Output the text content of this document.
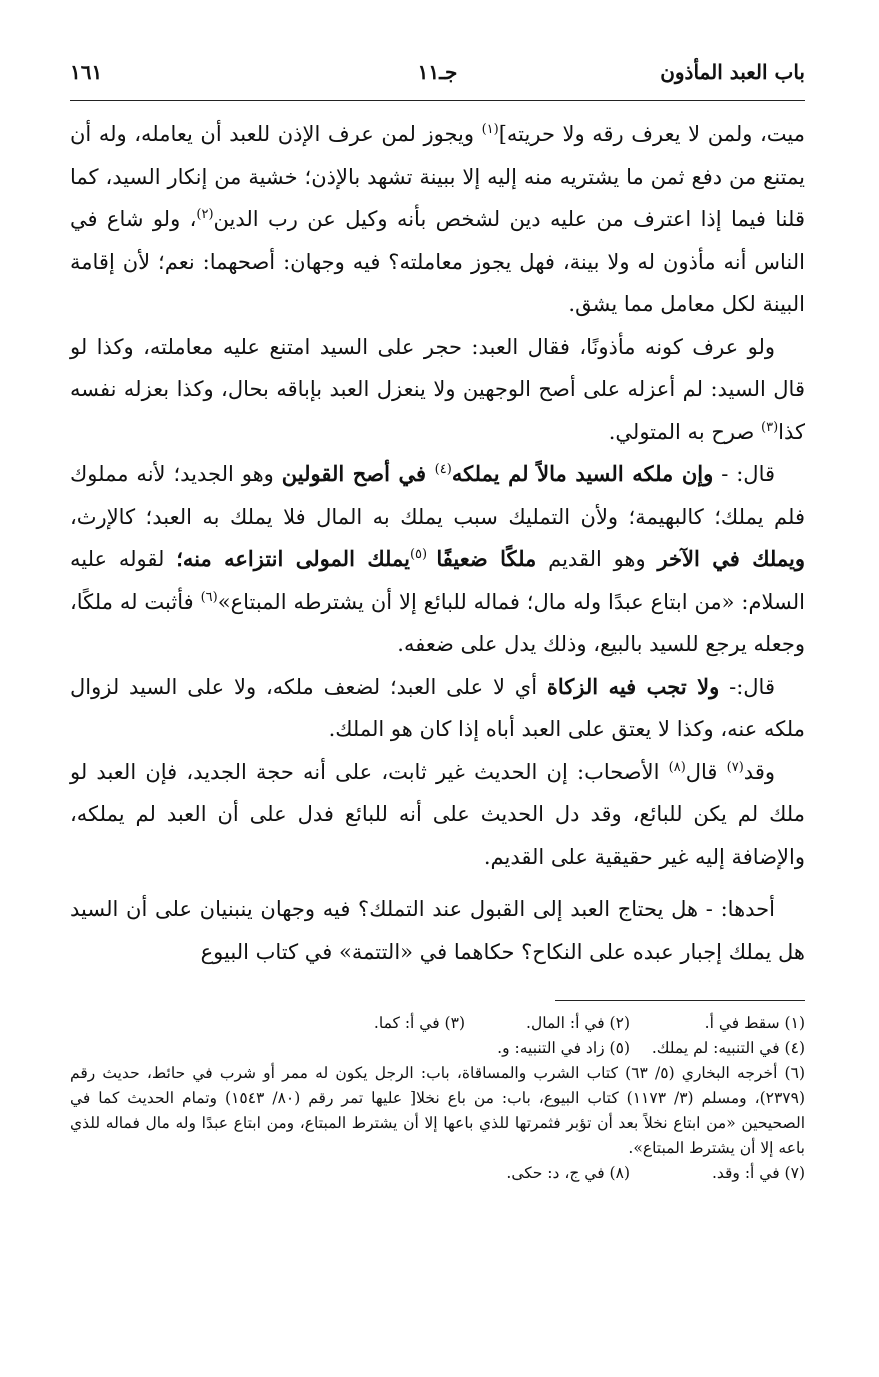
باب العبد المأذون
جـ١١
١٦١

ميت، ولمن لا يعرف رقه ولا حريته]$^{(١)}$ ويجوز لمن عرف الإذن للعبد أن يعامله، وله أن يمتنع من دفع ثمن ما يشتريه منه إليه إلا ببينة تشهد بالإذن؛ خشية من إنكار السيد، كما قلنا فيما إذا اعترف من عليه دين لشخص بأنه وكيل عن رب الدين$^{(٢)}$، ولو شاع في الناس أنه مأذون له ولا بينة، فهل يجوز معاملته؟ فيه وجهان: أصحهما: نعم؛ لأن إقامة البينة لكل معامل مما يشق.

ولو عرف كونه مأذونًا، فقال العبد: حجر على السيد امتنع عليه معاملته، وكذا لو قال السيد: لم أعزله على أصح الوجهين ولا ينعزل العبد بإباقه بحال، وكذا بعزله نفسه كذا$^{(٣)}$ صرح به المتولي.

قال: - وإن ملكه السيد مالاً لم يملكه$^{(٤)}$ في أصح القولين وهو الجديد؛ لأنه مملوك فلم يملك؛ كالبهيمة؛ ولأن التمليك سبب يملك به المال فلا يملك به العبد؛ كالإرث، ويملك في الآخر وهو القديم ملكًا ضعيفًا $^{(٥)}$يملك المولى انتزاعه منه؛ لقوله عليه السلام: «من ابتاع عبدًا وله مال؛ فماله للبائع إلا أن يشترطه المبتاع»$^{(٦)}$ فأثبت له ملكًا، وجعله يرجع للسيد بالبيع، وذلك يدل على ضعفه.

قال:- ولا تجب فيه الزكاة أي لا على العبد؛ لضعف ملكه، ولا على السيد لزوال ملكه عنه، وكذا لا يعتق على العبد أباه إذا كان هو الملك.

وقد$^{(٧)}$ قال$^{(٨)}$ الأصحاب: إن الحديث غير ثابت، على أنه حجة الجديد، فإن العبد لو ملك لم يكن للبائع، وقد دل الحديث على أنه للبائع فدل على أن العبد لم يملكه، والإضافة إليه غير حقيقية على القديم.

أحدها: - هل يحتاج العبد إلى القبول عند التملك؟ فيه وجهان ينبنيان على أن السيد هل يملك إجبار عبده على النكاح؟ حكاهما في «التتمة» في كتاب البيوع

(١) سقط في أ.
(٢) في أ: المال.
(٣) في أ: كما.
(٤) في التنبيه: لم يملك.
(٥) زاد في التنبيه: و.
(٦) أخرجه البخاري (٥/ ٦٣) كتاب الشرب والمساقاة، باب: الرجل يكون له ممر أو شرب في حائط، حديث رقم (٢٣٧٩)، ومسلم (٣/ ١١٧٣) كتاب البيوع، باب: من باع نخلا[ عليها تمر رقم (٨٠/ ١٥٤٣) وتمام الحديث كما في الصحيحين «من ابتاع نخلاً بعد أن تؤبر فثمرتها للذي باعها إلا أن يشترط المبتاع، ومن ابتاع عبدًا وله مال فماله للذي باعه إلا أن يشترط المبتاع».
(٧) في أ: وقد.
(٨) في ج، د: حكى.
